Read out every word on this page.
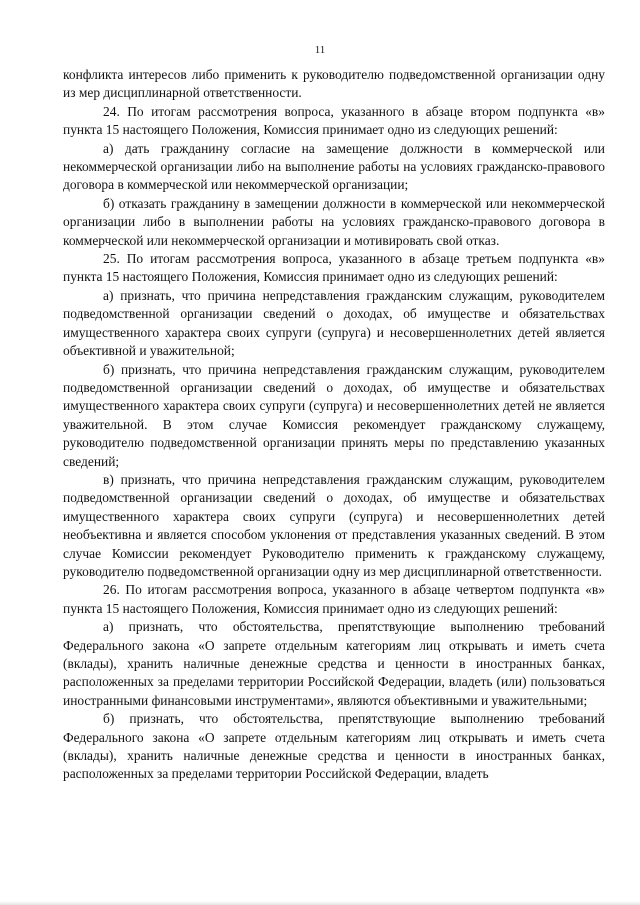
11

конфликта интересов либо применить к руководителю подведомственной организации одну из мер дисциплинарной ответственности.

24. По итогам рассмотрения вопроса, указанного в абзаце втором подпункта «в» пункта 15 настоящего Положения, Комиссия принимает одно из следующих решений:

а) дать гражданину согласие на замещение должности в коммерческой или некоммерческой организации либо на выполнение работы на условиях гражданско-правового договора в коммерческой или некоммерческой организации;

б) отказать гражданину в замещении должности в коммерческой или некоммерческой организации либо в выполнении работы на условиях гражданско-правового договора в коммерческой или некоммерческой организации и мотивировать свой отказ.

25. По итогам рассмотрения вопроса, указанного в абзаце третьем подпункта «в» пункта 15 настоящего Положения, Комиссия принимает одно из следующих решений:

а) признать, что причина непредставления гражданским служащим, руководителем подведомственной организации сведений о доходах, об имуществе и обязательствах имущественного характера своих супруги (супруга) и несовершеннолетних детей является объективной и уважительной;

б) признать, что причина непредставления гражданским служащим, руководителем подведомственной организации сведений о доходах, об имуществе и обязательствах имущественного характера своих супруги (супруга) и несовершеннолетних детей не является уважительной. В этом случае Комиссия рекомендует гражданскому служащему, руководителю подведомственной организации принять меры по представлению указанных сведений;

в) признать, что причина непредставления гражданским служащим, руководителем подведомственной организации сведений о доходах, об имуществе и обязательствах имущественного характера своих супруги (супруга) и несовершеннолетних детей необъективна и является способом уклонения от представления указанных сведений. В этом случае Комиссии рекомендует Руководителю применить к гражданскому служащему, руководителю подведомственной организации одну из мер дисциплинарной ответственности.

26. По итогам рассмотрения вопроса, указанного в абзаце четвертом подпункта «в» пункта 15 настоящего Положения, Комиссия принимает одно из следующих решений:

а) признать, что обстоятельства, препятствующие выполнению требований Федерального закона «О запрете отдельным категориям лиц открывать и иметь счета (вклады), хранить наличные денежные средства и ценности в иностранных банках, расположенных за пределами территории Российской Федерации, владеть (или) пользоваться иностранными финансовыми инструментами», являются объективными и уважительными;

б) признать, что обстоятельства, препятствующие выполнению требований Федерального закона «О запрете отдельным категориям лиц открывать и иметь счета (вклады), хранить наличные денежные средства и ценности в иностранных банках, расположенных за пределами территории Российской Федерации, владеть
